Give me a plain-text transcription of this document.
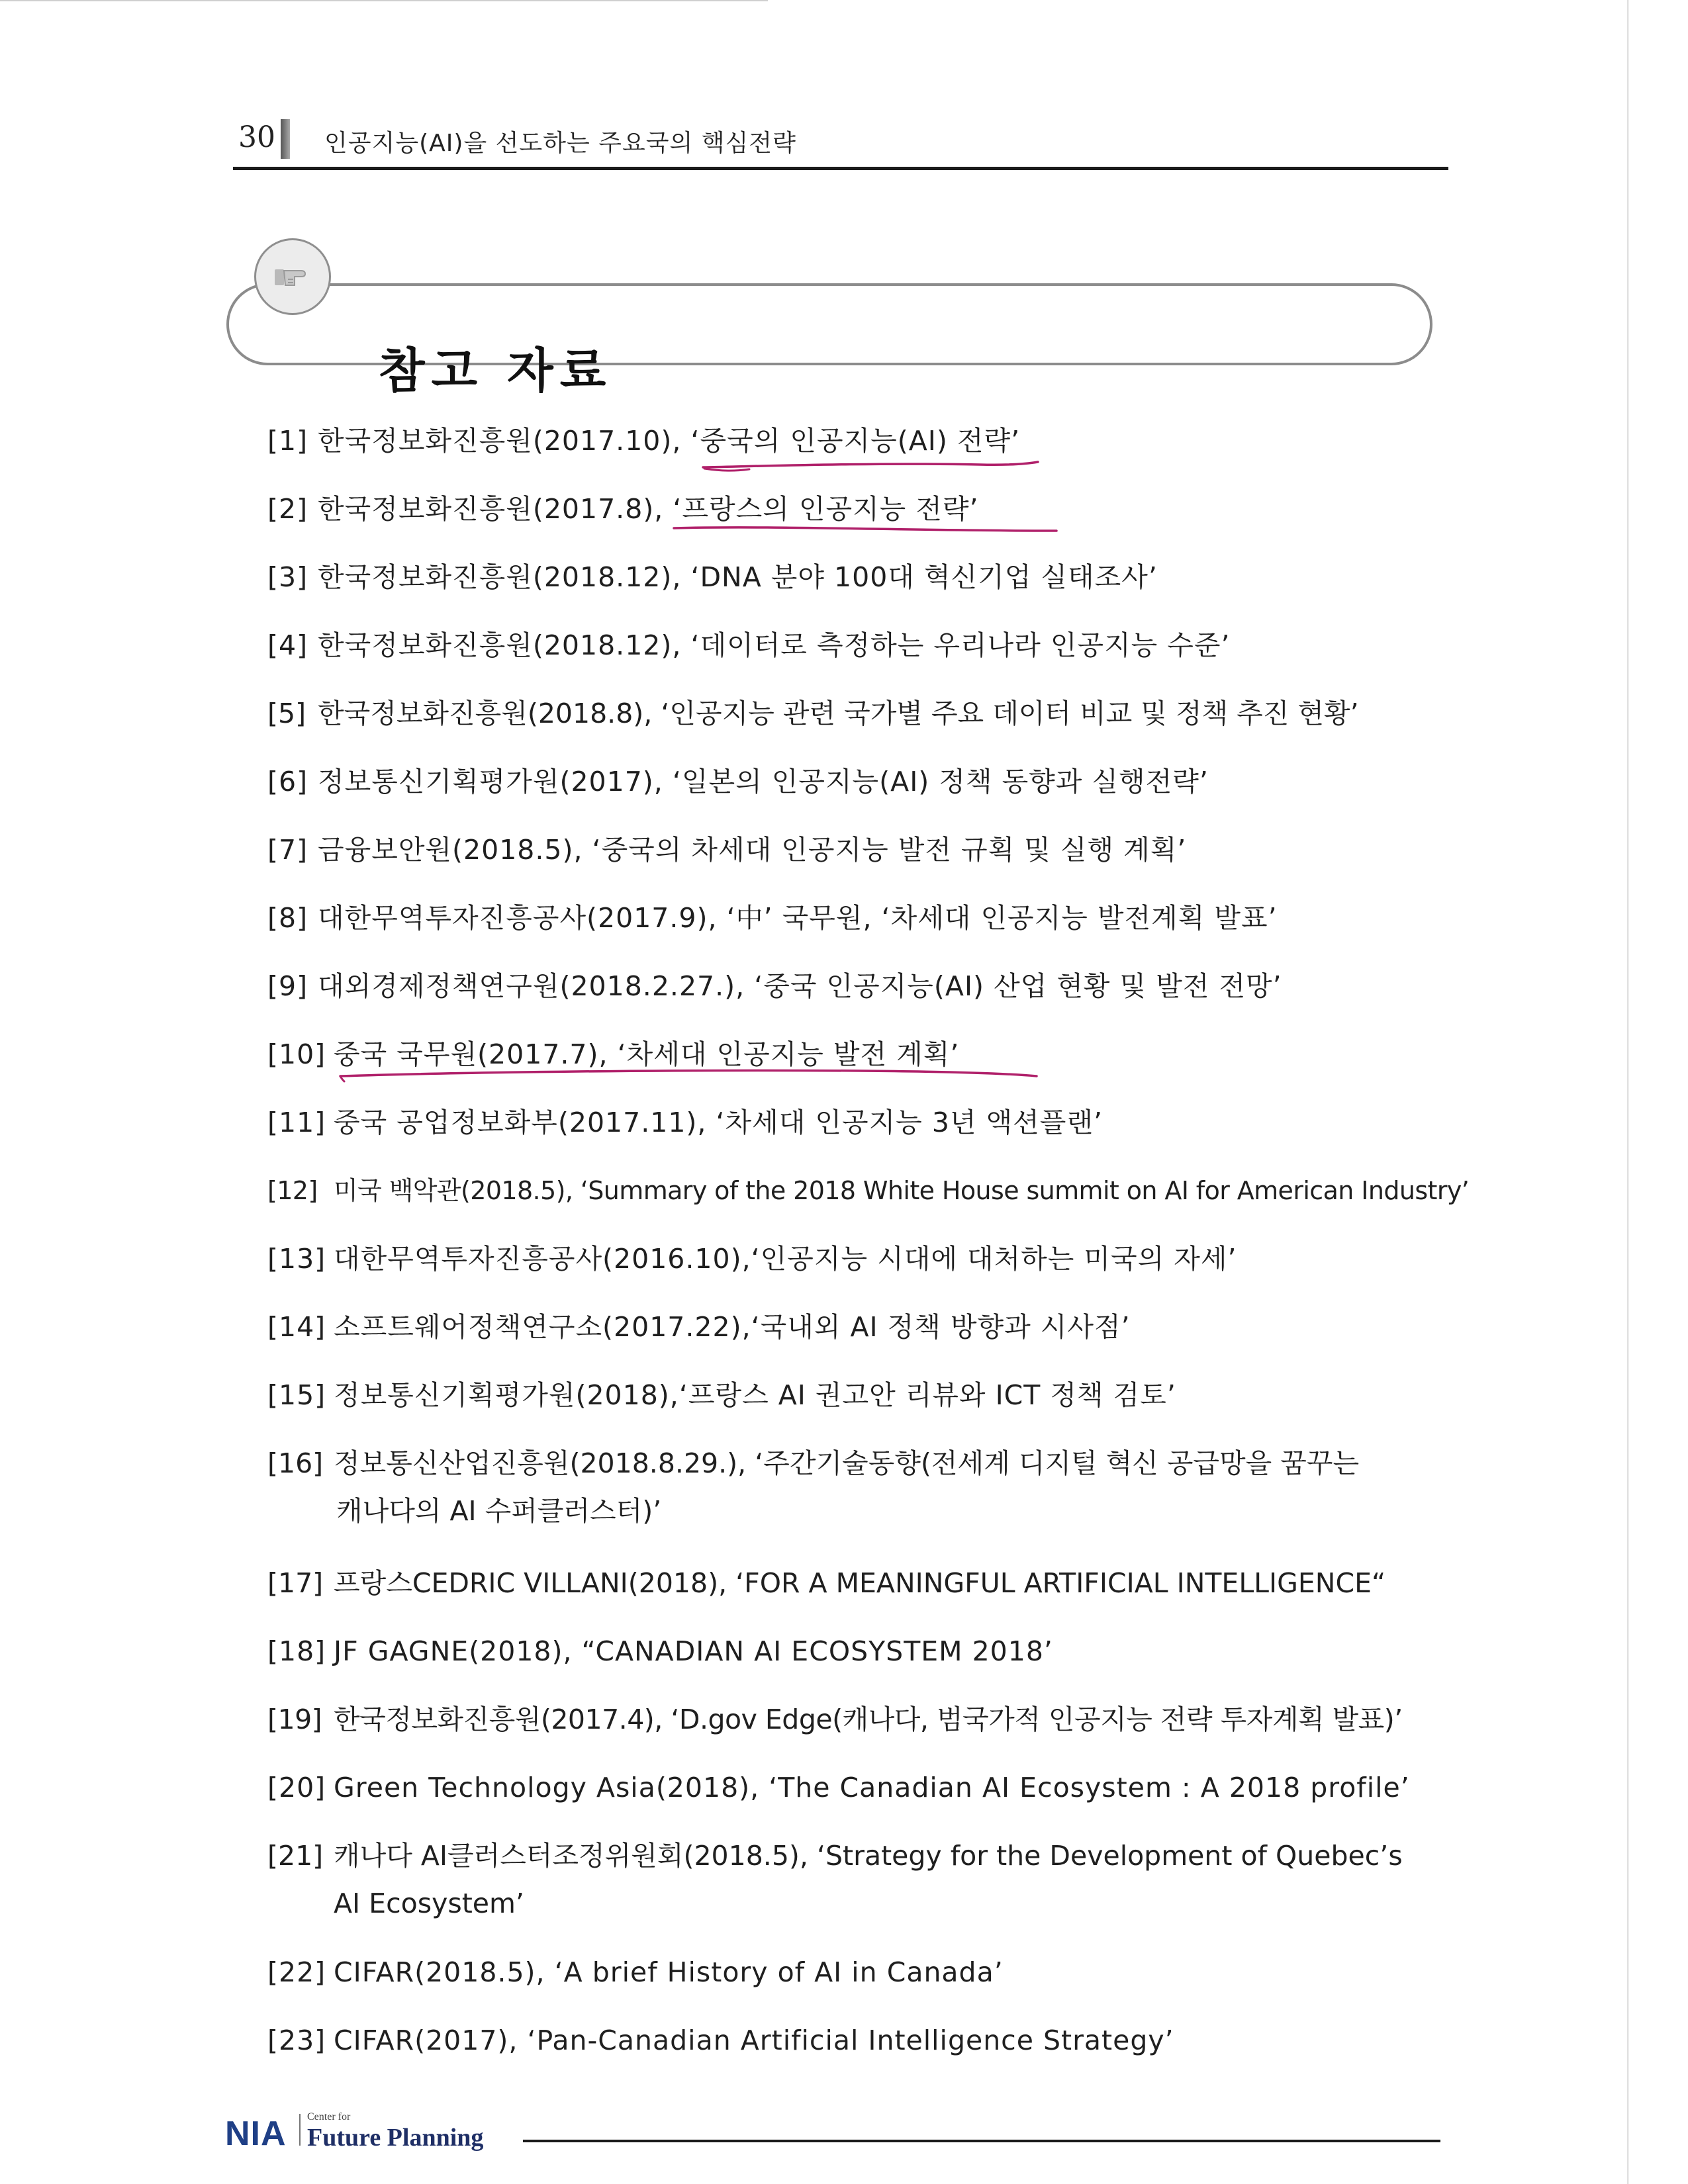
30 인공지능(AI)을 선도하는 주요국의 핵심전략
참고 자료
[1] 한국정보화진흥원(2017.10), ‘중국의 인공지능(AI) 전략’
[2] 한국정보화진흥원(2017.8), ‘프랑스의 인공지능 전략’
[3] 한국정보화진흥원(2018.12), ‘DNA 분야 100대 혁신기업 실태조사’
[4] 한국정보화진흥원(2018.12), ‘데이터로 측정하는 우리나라 인공지능 수준’
[5] 한국정보화진흥원(2018.8), ‘인공지능 관련 국가별 주요 데이터 비교 및 정책 추진 현황’
[6] 정보통신기획평가원(2017), ‘일본의 인공지능(AI) 정책 동향과 실행전략’
[7] 금융보안원(2018.5), ‘중국의 차세대 인공지능 발전 규획 및 실행 계획’
[8] 대한무역투자진흥공사(2017.9), ‘中’ 국무원, ‘차세대 인공지능 발전계획 발표’
[9] 대외경제정책연구원(2018.2.27.), ‘중국 인공지능(AI) 산업 현황 및 발전 전망’
[10] 중국 국무원(2017.7), ‘차세대 인공지능 발전 계획’
[11] 중국 공업정보화부(2017.11), ‘차세대 인공지능 3년 액션플랜’
[12] 미국 백악관(2018.5), ‘Summary of the 2018 White House summit on AI for American Industry’
[13] 대한무역투자진흥공사(2016.10),‘인공지능 시대에 대처하는 미국의 자세’
[14] 소프트웨어정책연구소(2017.22),‘국내외 AI 정책 방향과 시사점’
[15] 정보통신기획평가원(2018),‘프랑스 AI 권고안 리뷰와 ICT 정책 검토’
[16] 정보통신산업진흥원(2018.8.29.), ‘주간기술동향(전세계 디지털 혁신 공급망을 꿈꾸는
캐나다의 AI 수퍼클러스터)’
[17] 프랑스CEDRIC VILLANI(2018), ‘FOR A MEANINGFUL ARTIFICIAL INTELLIGENCE“
[18] JF GAGNE(2018), “CANADIAN AI ECOSYSTEM 2018’
[19] 한국정보화진흥원(2017.4), ‘D.gov Edge(캐나다, 범국가적 인공지능 전략 투자계획 발표)’
[20] Green Technology Asia(2018), ‘The Canadian AI Ecosystem : A 2018 profile’
[21] 캐나다 AI클러스터조정위원회(2018.5), ‘Strategy for the Development of Quebec’s
AI Ecosystem’
[22] CIFAR(2018.5), ‘A brief History of AI in Canada’
[23] CIFAR(2017), ‘Pan-Canadian Artificial Intelligence Strategy’
NIA Center for
Future Planning
